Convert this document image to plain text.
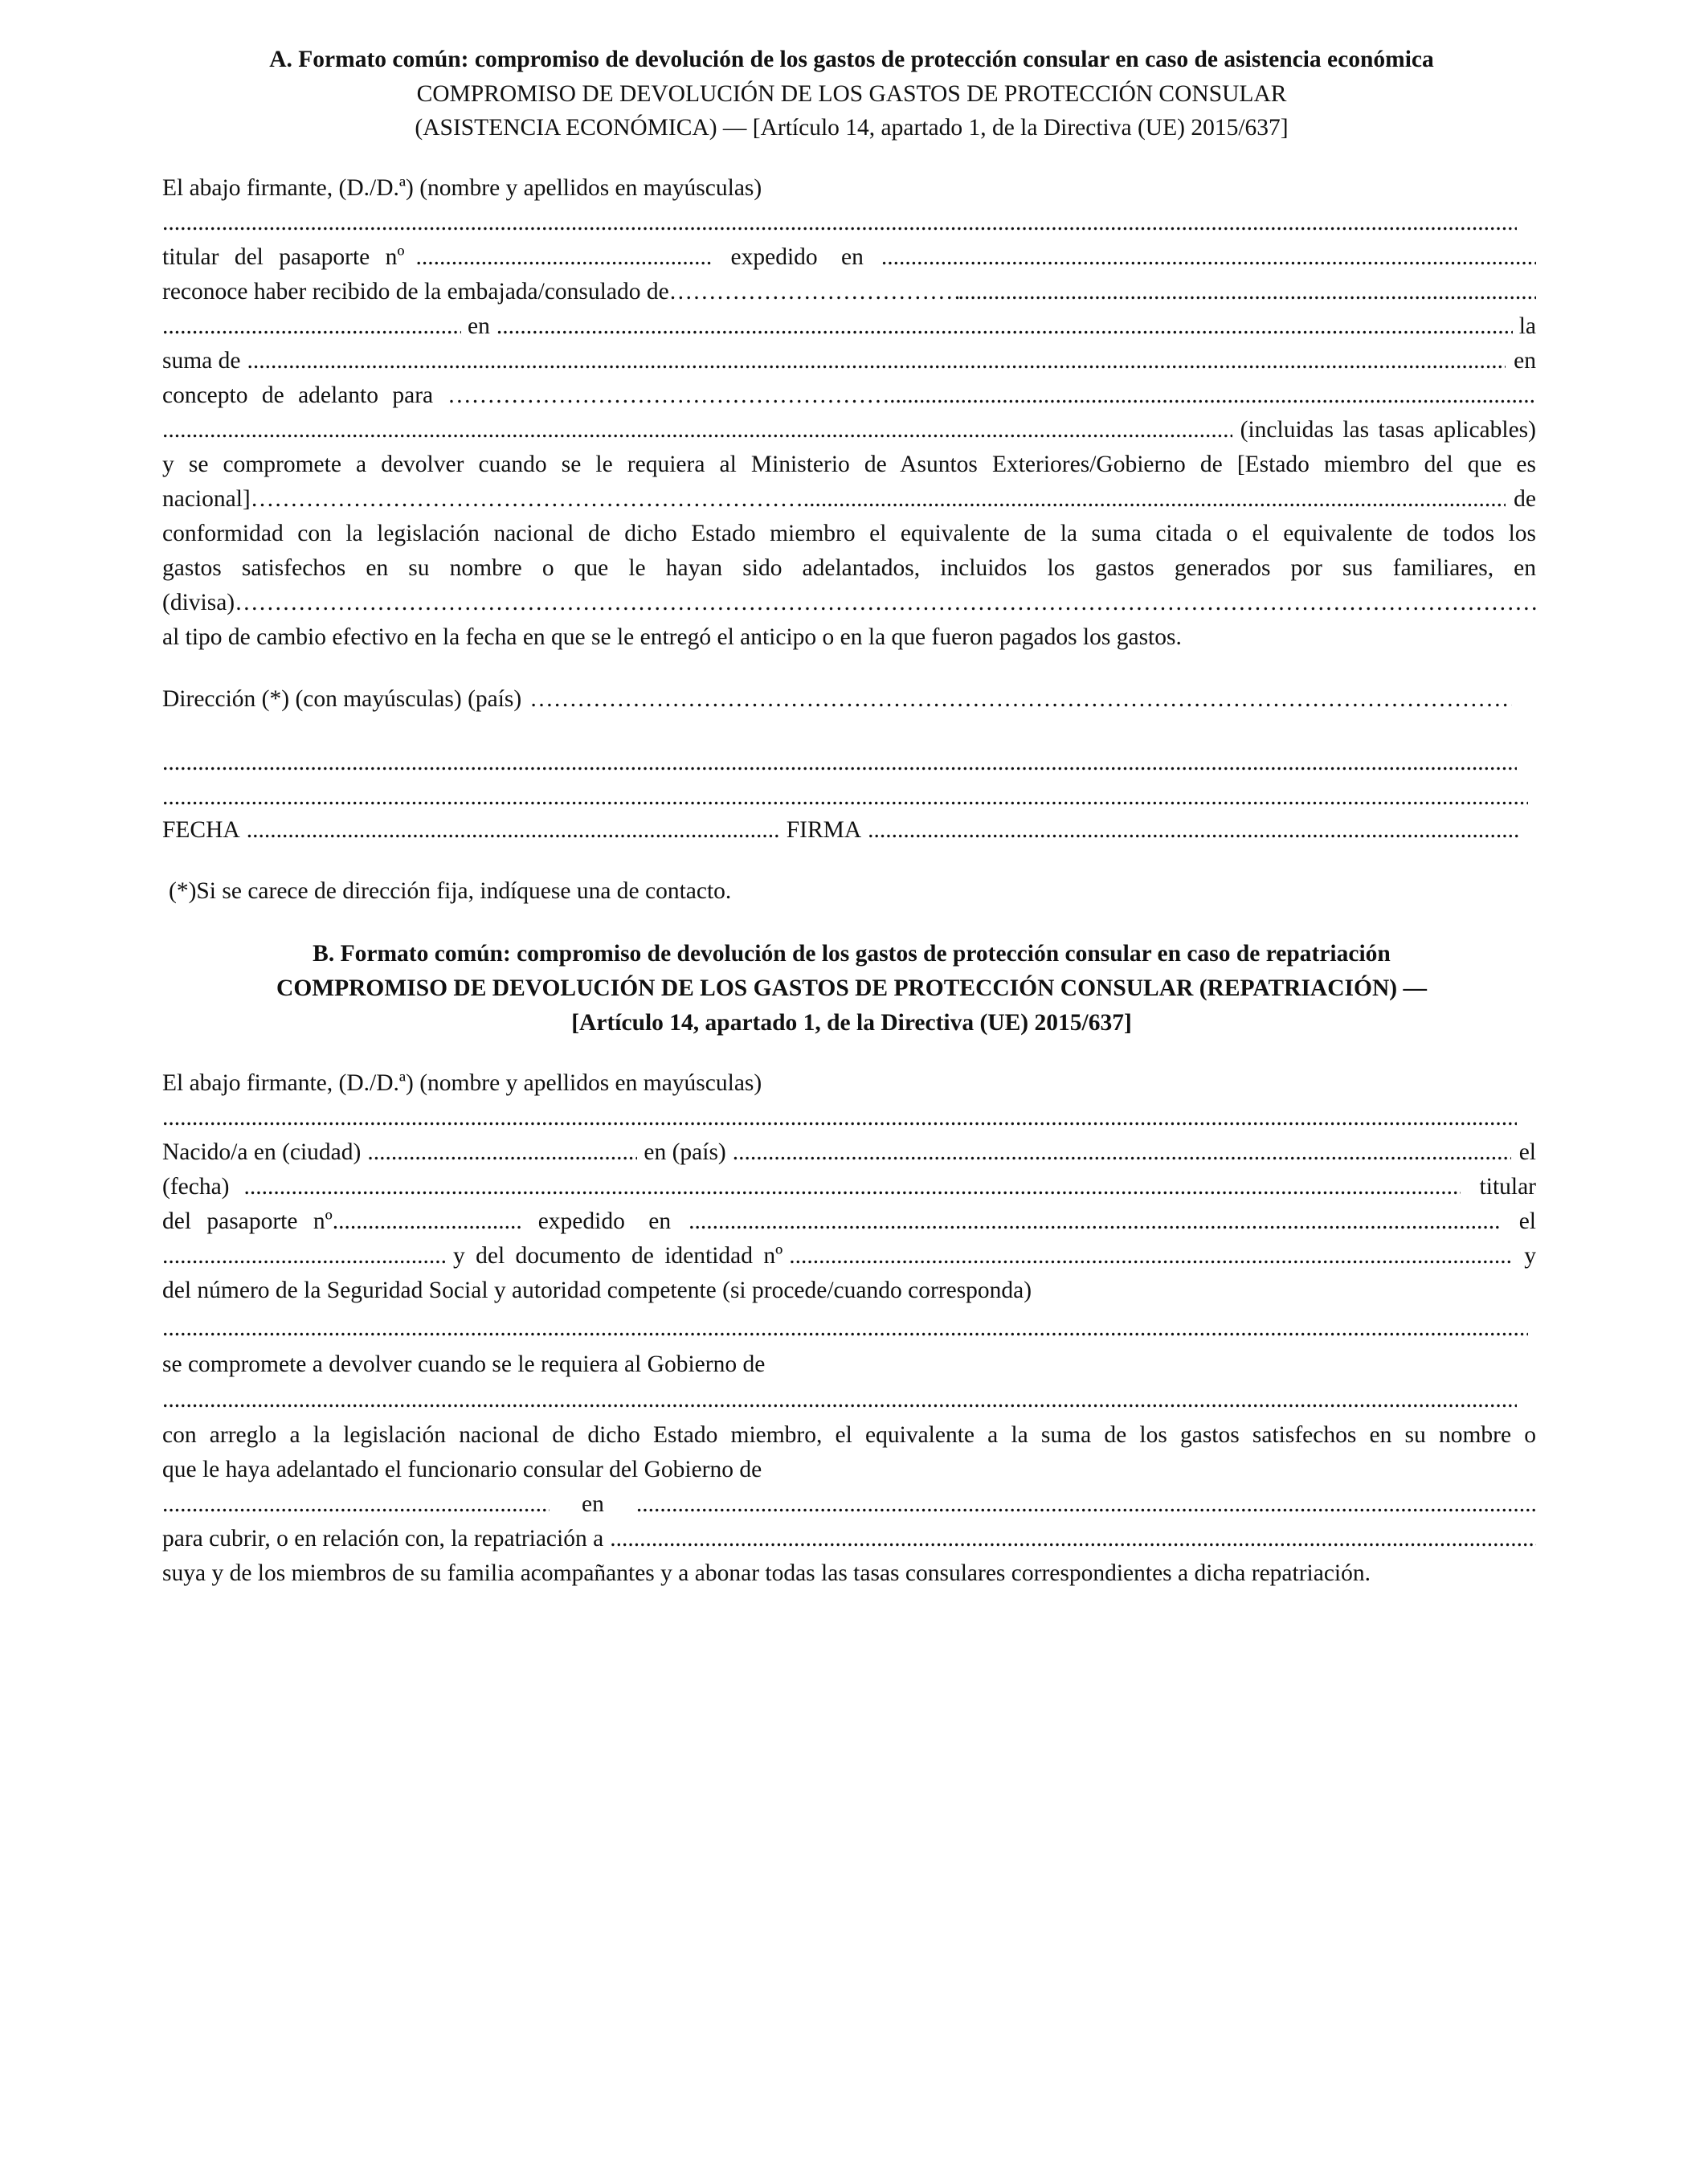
A. Formato común: compromiso de devolución de los gastos de protección consular en caso de asistencia económica
COMPROMISO DE DEVOLUCIÓN DE LOS GASTOS DE PROTECCIÓN CONSULAR
(ASISTENCIA ECONÓMICA) — [Artículo 14, apartado 1, de la Directiva (UE) 2015/637]
El abajo firmante, (D./D.ª) (nombre y apellidos en mayúsculas)
.....
titular del pasaporte nº .....	expedido en
.....
reconoce haber recibido de la embajada/consulado de
……………………………………………………………………………………………………………………………………………………………………………………………………………………………………………………………………………
.....
.....
en .....	la
suma de .....	en
concepto de adelanto para
……………………………………………………………………………………………………………………………………………………………………………………………………………………………………………………………………………
.....
.....
(incluidas las tasas aplicables)
y se compromete a devolver cuando se le requiera al Ministerio de Asuntos Exteriores/Gobierno de [Estado miembro del que es
nacional] …………………………………………………………………………………………………………………………………………………………………………………………………………………………………………………………………………… .....	de
conformidad con la legislación nacional de dicho Estado miembro el equivalente de la suma citada o el equivalente de todos los
gastos satisfechos en su nombre o que le hayan sido adelantados, incluidos los gastos generados por sus familiares, en
(divisa)
……………………………………………………………………………………………………………………………………………………………………………………………………………………………………………………………………………
al tipo de cambio efectivo en la fecha en que se le entregó el anticipo o en la que fueron pagados los gastos.
Dirección (*) (con mayúsculas) (país)
……………………………………………………………………………………………………………………………………………………………………………………………………………………………………………………………………………
.....
.....
FECHA .....	FIRMA
.....
(*)Si se carece de dirección fija, indíquese una de contacto.
B. Formato común: compromiso de devolución de los gastos de protección consular en caso de repatriación
COMPROMISO DE DEVOLUCIÓN DE LOS GASTOS DE PROTECCIÓN CONSULAR (REPATRIACIÓN) —
[Artículo 14, apartado 1, de la Directiva (UE) 2015/637]
El abajo firmante, (D./D.ª) (nombre y apellidos en mayúsculas)
.....
Nacido/a en (ciudad) .....	en (país) .....	el
(fecha) .....	titular
del pasaporte nº .....	expedido en .....	el
.....
y del documento de identidad nº .....	y
del número de la Seguridad Social y autoridad competente (si procede/cuando corresponda)
.....
se compromete a devolver cuando se le requiera al Gobierno de
.....
con arreglo a la legislación nacional de dicho Estado miembro, el equivalente a la suma de los gastos satisfechos en su nombre o
que le haya adelantado el funcionario consular del Gobierno de
.....
en
.....
para cubrir, o en relación con, la repatriación a
.....
suya y de los miembros de su familia acompañantes y a abonar todas las tasas consulares correspondientes a dicha repatriación.
